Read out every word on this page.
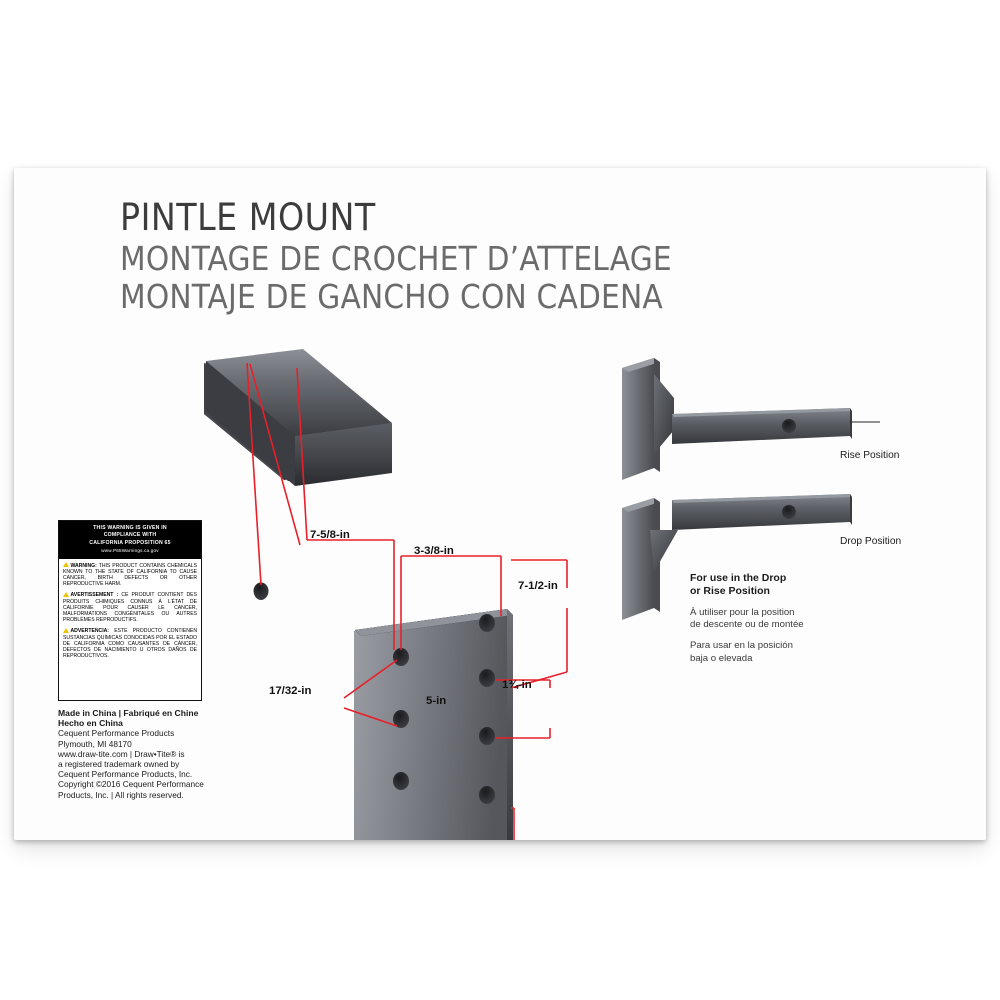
PINTLE MOUNT
MONTAGE DE CROCHET D’ATTELAGE
MONTAJE DE GANCHO CON CADENA
7-5/8-in
3-3/8-in
7-1/2-in
17/32-in	1¾-in
5-in
Rise Position
Drop Position
For use in the Drop
or Rise Position
À utiliser pour la position
de descente ou de montée
Para usar en la posición
baja o elevada
THIS WARNING IS GIVEN IN
COMPLIANCE WITH
CALIFORNIA PROPOSITION 65
www.P65Warnings.ca.gov

WARNING: THIS PRODUCT CONTAINS CHEMICALS KNOWN TO THE STATE OF CALIFORNIA TO CAUSE CANCER, BIRTH DEFECTS OR OTHER REPRODUCTIVE HARM.

AVERTISSEMENT : CE PRODUIT CONTIENT DES PRODUITS CHIMIQUES CONNUS À L’ÉTAT DE CALIFORNIE POUR CAUSER LE CANCER, MALFORMATIONS CONGÉNITALES OU AUTRES PROBLÈMES REPRODUCTIFS.

ADVERTENCIA: ESTE PRODUCTO CONTIENEN SUSTANCIAS QUÍMICAS CONOCIDAS POR EL ESTADO DE CALIFORNIA COMO CAUSANTES DE CÁNCER, DEFECTOS DE NACIMIENTO U OTROS DAÑOS DE REPRODUCTIVOS.

Made in China | Fabriqué en Chine
Hecho en China
Cequent Performance Products
Plymouth, MI 48170
www.draw-tite.com | Draw•Tite® is
a registered trademark owned by
Cequent Performance Products, Inc.
Copyright ©2016 Cequent Performance
Products, Inc. | All rights reserved.
